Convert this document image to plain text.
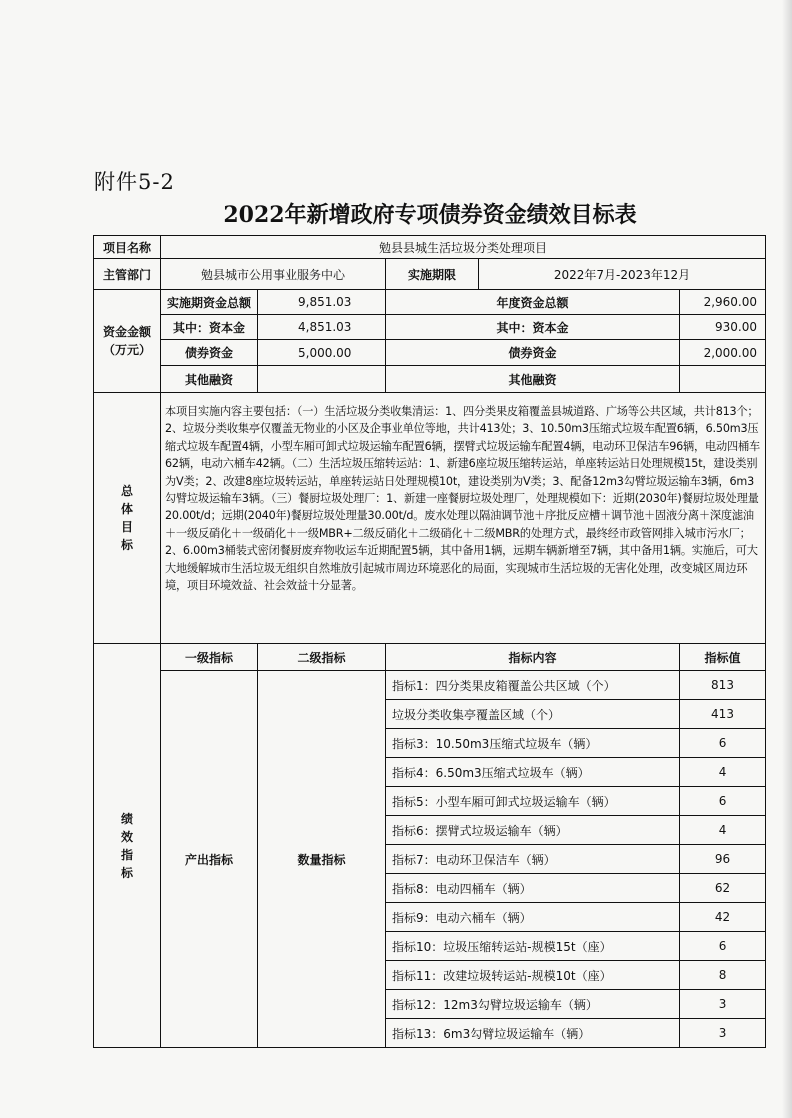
附件5-2
2022年新增政府专项债券资金绩效目标表
项目名称	勉县县城生活垃圾分类处理项目				
主管部门	勉县城市公用事业服务中心		实施期限	2022年7月-2023年12月	
资金金额（万元）	实施期资金总额	9,851.03	年度资金总额		2,960.00
	其中：资本金	4,851.03	其中：资本金		930.00
	债券资金	5,000.00	债券资金		2,000.00
	其他融资		其他融资		
总体目标	本项目实施内容主要包括：（一）生活垃圾分类收集清运：1、四分类果皮箱覆盖县城道路、广场等公共区域，共计813个；2、垃圾分类收集亭仅覆盖无物业的小区及企事业单位等地，共计413处；3、10.50m3压缩式垃圾车配置6辆，6.50m3压缩式垃圾车配置4辆，小型车厢可卸式垃圾运输车配置6辆，摆臂式垃圾运输车配置4辆，电动环卫保洁车96辆，电动四桶车62辆，电动六桶车42辆。（二）生活垃圾压缩转运站：1、新建6座垃圾压缩转运站，单座转运站日处理规模15t，建设类别为V类；2、改建8座垃圾转运站，单座转运站日处理规模10t，建设类别为V类；3、配备12m3勾臂垃圾运输车3辆，6m3勾臂垃圾运输车3辆。（三）餐厨垃圾处理厂：1、新建一座餐厨垃圾处理厂，处理规模如下：近期(2030年)餐厨垃圾处理量20.00t/d；远期(2040年)餐厨垃圾处理量30.00t/d。废水处理以隔油调节池＋序批反应槽＋调节池＋固液分离＋深度滤油＋一级反硝化＋一级硝化＋一级MBR+二级反硝化＋二级硝化＋二级MBR的处理方式，最终经市政管网排入城市污水厂；2、6.00m3桶装式密闭餐厨废弃物收运车近期配置5辆，其中备用1辆，远期车辆新增至7辆，其中备用1辆。实施后，可大大地缓解城市生活垃圾无组织自然堆放引起城市周边环境恶化的局面，实现城市生活垃圾的无害化处理，改变城区周边环境，项目环境效益、社会效益十分显著。				
绩效指标	一级指标	二级指标	指标内容		指标值
	产出指标	数量指标	指标1：四分类果皮箱覆盖公共区域（个）		813
			垃圾分类收集亭覆盖区域（个）		413
			指标3：10.50m3压缩式垃圾车（辆）		6
			指标4：6.50m3压缩式垃圾车（辆）		4
			指标5：小型车厢可卸式垃圾运输车（辆）		6
			指标6：摆臂式垃圾运输车（辆）		4
			指标7：电动环卫保洁车（辆）		96
			指标8：电动四桶车（辆）		62
			指标9：电动六桶车（辆）		42
			指标10：垃圾压缩转运站-规模15t（座）		6
			指标11：改建垃圾转运站-规模10t（座）		8
			指标12：12m3勾臂垃圾运输车（辆）		3
			指标13：6m3勾臂垃圾运输车（辆）		3
